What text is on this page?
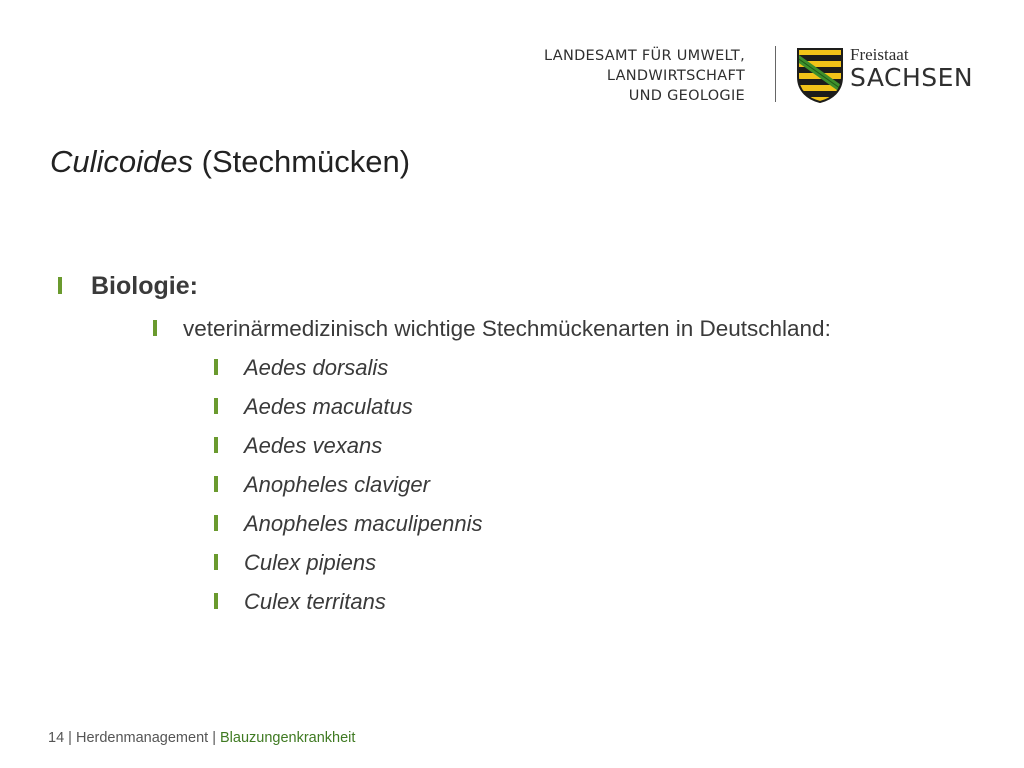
LANDESAMT FÜR UMWELT,
LANDWIRTSCHAFT
UND GEOLOGIE
Freistaat
SACHSEN
Culicoides (Stechmücken)
Biologie:
veterinärmedizinisch wichtige Stechmückenarten in Deutschland:
Aedes dorsalis
Aedes maculatus
Aedes vexans
Anopheles claviger
Anopheles maculipennis
Culex pipiens
Culex territans
14 | Herdenmanagement | Blauzungenkrankheit
